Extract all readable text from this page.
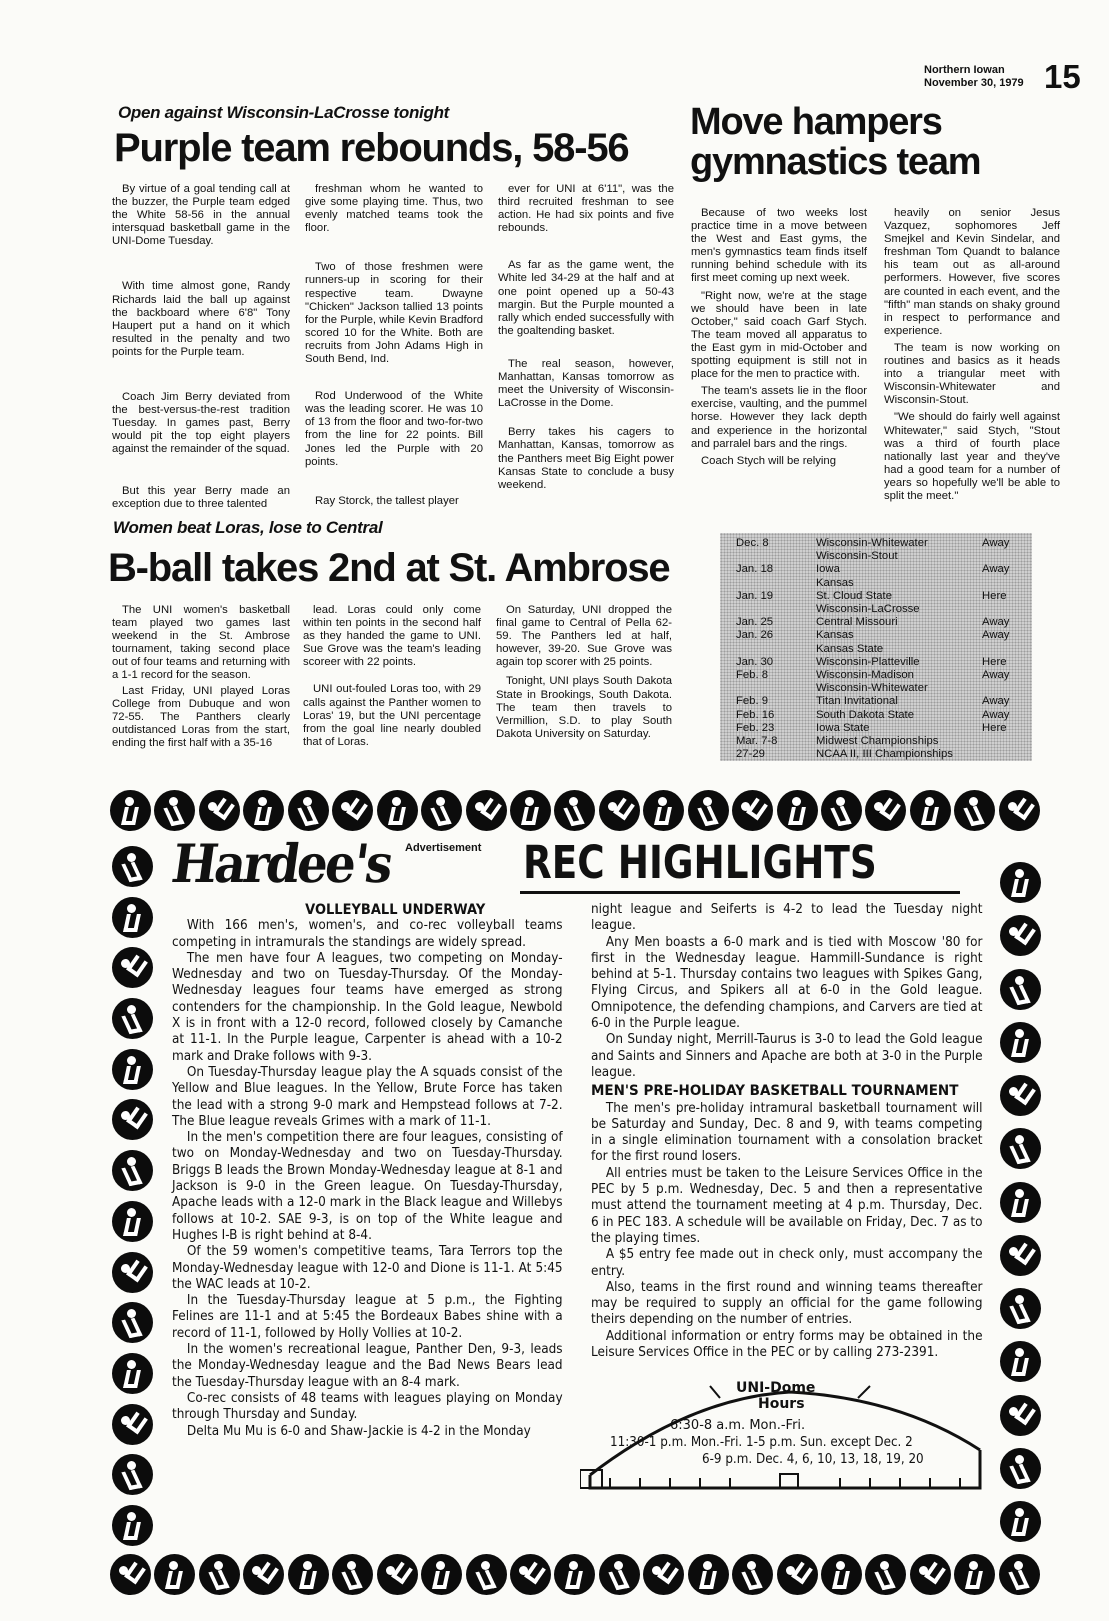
Northern Iowan
November 30, 1979 15
Open against Wisconsin-LaCrosse tonight
Purple team rebounds, 58-56

By virtue of a goal tending call at the buzzer, the Purple team edged the White 58-56 in the annual intersquad basketball game in the UNI-Dome Tuesday.

With time almost gone, Randy Richards laid the ball up against the backboard where 6'8" Tony Haupert put a hand on it which resulted in the penalty and two points for the Purple team.

Coach Jim Berry deviated from the best-versus-the-rest tradition Tuesday. In games past, Berry would pit the top eight players against the remainder of the squad.

But this year Berry made an exception due to three talented

freshman whom he wanted to give some playing time. Thus, two evenly matched teams took the floor.

Two of those freshmen were runners-up in scoring for their respective team. Dwayne "Chicken" Jackson tallied 13 points for the Purple, while Kevin Bradford scored 10 for the White. Both are recruits from John Adams High in South Bend, Ind.

Rod Underwood of the White was the leading scorer. He was 10 of 13 from the floor and two-for-two from the line for 22 points. Bill Jones led the Purple with 20 points.

Ray Storck, the tallest player

ever for UNI at 6'11", was the third recruited freshman to see action. He had six points and five rebounds.

As far as the game went, the White led 34-29 at the half and at one point opened up a 50-43 margin. But the Purple mounted a rally which ended successfully with the goaltending basket.

The real season, however, Manhattan, Kansas tomorrow as meet the University of Wisconsin-LaCrosse in the Dome.

Berry takes his cagers to Manhattan, Kansas, tomorrow as the Panthers meet Big Eight power Kansas State to conclude a busy weekend.

Move hampers gymnastics team

Because of two weeks lost practice time in a move between the West and East gyms, the men's gymnastics team finds itself running behind schedule with its first meet coming up next week.

"Right now, we're at the stage we should have been in late October," said coach Garf Stych. The team moved all apparatus to the East gym in mid-October and spotting equipment is still not in place for the men to practice with.

The team's assets lie in the floor exercise, vaulting, and the pummel horse. However they lack depth and experience in the horizontal and parralel bars and the rings.

Coach Stych will be relying

heavily on senior Jesus Vazquez, sophomores Jeff Smejkel and Kevin Sindelar, and freshman Tom Quandt to balance his team out as all-around performers. However, five scores are counted in each event, and the "fifth" man stands on shaky ground in respect to performance and experience.

The team is now working on routines and basics as it heads into a triangular meet with Wisconsin-Whitewater and Wisconsin-Stout.

"We should do fairly well against Whitewater," said Stych, "Stout was a third of fourth place nationally last year and they've had a good team for a number of years so hopefully we'll be able to split the meet."

Women beat Loras, lose to Central
B-ball takes 2nd at St. Ambrose

The UNI women's basketball team played two games last weekend in the St. Ambrose tournament, taking second place out of four teams and returning with a 1-1 record for the season.

Last Friday, UNI played Loras College from Dubuque and won 72-55. The Panthers clearly outdistanced Loras from the start, ending the first half with a 35-16

lead. Loras could only come within ten points in the second half as they handed the game to UNI. Sue Grove was the team's leading scoreer with 22 points.

UNI out-fouled Loras too, with 29 calls against the Panther women to Loras' 19, but the UNI percentage from the goal line nearly doubled that of Loras.

On Saturday, UNI dropped the final game to Central of Pella 62-59. The Panthers led at half, however, 39-20. Sue Grove was again top scorer with 25 points.

Tonight, UNI plays South Dakota State in Brookings, South Dakota. The team then travels to Vermillion, S.D. to play South Dakota University on Saturday.

Dec. 8	Wisconsin-Whitewater	Away
	Wisconsin-Stout	
Jan. 18	Iowa	Away
	Kansas	
Jan. 19	St. Cloud State	Here
	Wisconsin-LaCrosse	
Jan. 25	Central Missouri	Away
Jan. 26	Kansas	Away
	Kansas State	
Jan. 30	Wisconsin-Platteville	Here
Feb. 8	Wisconsin-Madison	Away
	Wisconsin-Whitewater	
Feb. 9	Titan Invitational	Away
Feb. 16	South Dakota State	Away
Feb. 23	Iowa State	Here
Mar. 7-8	Midwest Championships	
27-29	NCAA II, III Championships	
Hardee's Advertisement REC HIGHLIGHTS
VOLLEYBALL UNDERWAY

With 166 men's, women's, and co-rec volleyball teams competing in intramurals the standings are widely spread.

The men have four A leagues, two competing on Monday-Wednesday and two on Tuesday-Thursday. Of the Monday-Wednesday leagues four teams have emerged as strong contenders for the championship. In the Gold league, Newbold X is in front with a 12-0 record, followed closely by Camanche at 11-1. In the Purple league, Carpenter is ahead with a 10-2 mark and Drake follows with 9-3.

On Tuesday-Thursday league play the A squads consist of the Yellow and Blue leagues. In the Yellow, Brute Force has taken the lead with a strong 9-0 mark and Hempstead follows at 7-2. The Blue league reveals Grimes with a mark of 11-1.

In the men's competition there are four leagues, consisting of two on Monday-Wednesday and two on Tuesday-Thursday. Briggs B leads the Brown Monday-Wednesday league at 8-1 and Jackson is 9-0 in the Green league. On Tuesday-Thursday, Apache leads with a 12-0 mark in the Black league and Willebys follows at 10-2. SAE 9-3, is on top of the White league and Hughes I-B is right behind at 8-4.

Of the 59 women's competitive teams, Tara Terrors top the Monday-Wednesday league with 12-0 and Dione is 11-1. At 5:45 the WAC leads at 10-2.

In the Tuesday-Thursday league at 5 p.m., the Fighting Felines are 11-1 and at 5:45 the Bordeaux Babes shine with a record of 11-1, followed by Holly Vollies at 10-2.

In the women's recreational league, Panther Den, 9-3, leads the Monday-Wednesday league and the Bad News Bears lead the Tuesday-Thursday league with an 8-4 mark.

Co-rec consists of 48 teams with leagues playing on Monday through Thursday and Sunday.

Delta Mu Mu is 6-0 and Shaw-Jackie is 4-2 in the Monday

night league and Seiferts is 4-2 to lead the Tuesday night league.

Any Men boasts a 6-0 mark and is tied with Moscow '80 for first in the Wednesday league. Hammill-Sundance is right behind at 5-1. Thursday contains two leagues with Spikes Gang, Flying Circus, and Spikers all at 6-0 in the Gold league. Omnipotence, the defending champions, and Carvers are tied at 6-0 in the Purple league.

On Sunday night, Merrill-Taurus is 3-0 to lead the Gold league and Saints and Sinners and Apache are both at 3-0 in the Purple league.

MEN'S PRE-HOLIDAY BASKETBALL TOURNAMENT

The men's pre-holiday intramural basketball tournament will be Saturday and Sunday, Dec. 8 and 9, with teams competing in a single elimination tournament with a consolation bracket for the first round losers.

All entries must be taken to the Leisure Services Office in the PEC by 5 p.m. Wednesday, Dec. 5 and then a representative must attend the tournament meeting at 4 p.m. Thursday, Dec. 6 in PEC 183. A schedule will be available on Friday, Dec. 7 as to the playing times.

A $5 entry fee made out in check only, must accompany the entry.

Also, teams in the first round and winning teams thereafter may be required to supply an official for the game following theirs depending on the number of entries.

Additional information or entry forms may be obtained in the Leisure Services Office in the PEC or by calling 273-2391.

UNI-Dome
Hours
6:30-8 a.m. Mon.-Fri.
11:30-1 p.m. Mon.-Fri. 1-5 p.m. Sun. except Dec. 2
6-9 p.m. Dec. 4, 6, 10, 13, 18, 19, 20
